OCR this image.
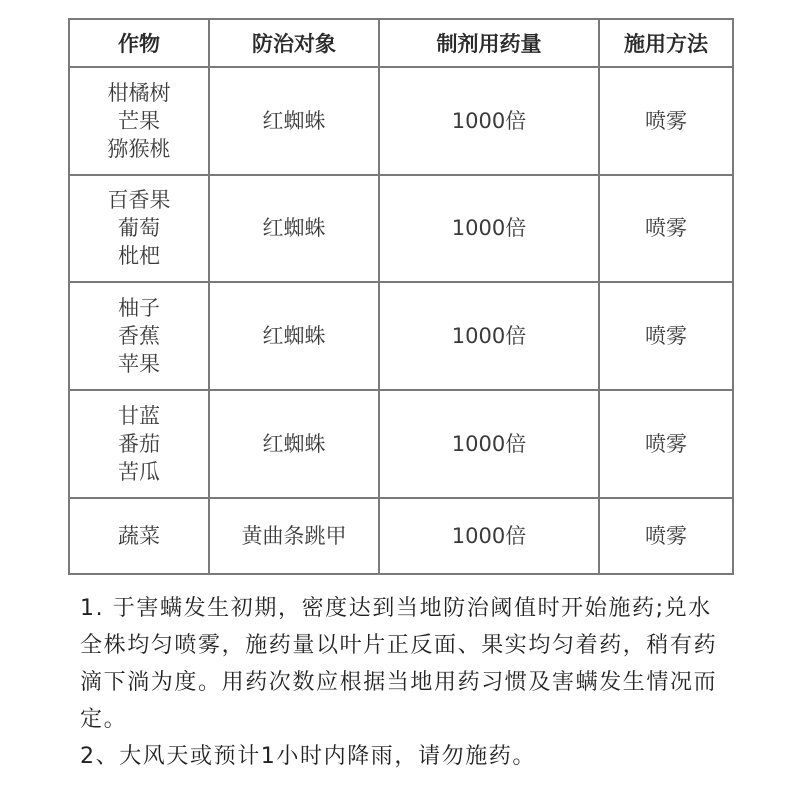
作物	防治对象	制剂用药量	施用方法

柑橘树
芒果
猕猴桃	红蜘蛛	1000倍	喷雾

百香果
葡萄
枇杷	红蜘蛛	1000倍	喷雾

柚子
香蕉
苹果	红蜘蛛	1000倍	喷雾

甘蓝
番茄
苦瓜	红蜘蛛	1000倍	喷雾

蔬菜	黄曲条跳甲	1000倍	喷雾

1. 于害螨发生初期，密度达到当地防治阈值时开始施药;兑水全株均匀喷雾，施药量以叶片正反面、果实均匀着药，稍有药滴下淌为度。用药次数应根据当地用药习惯及害螨发生情况而定。

2、大风天或预计1小时内降雨，请勿施药。
